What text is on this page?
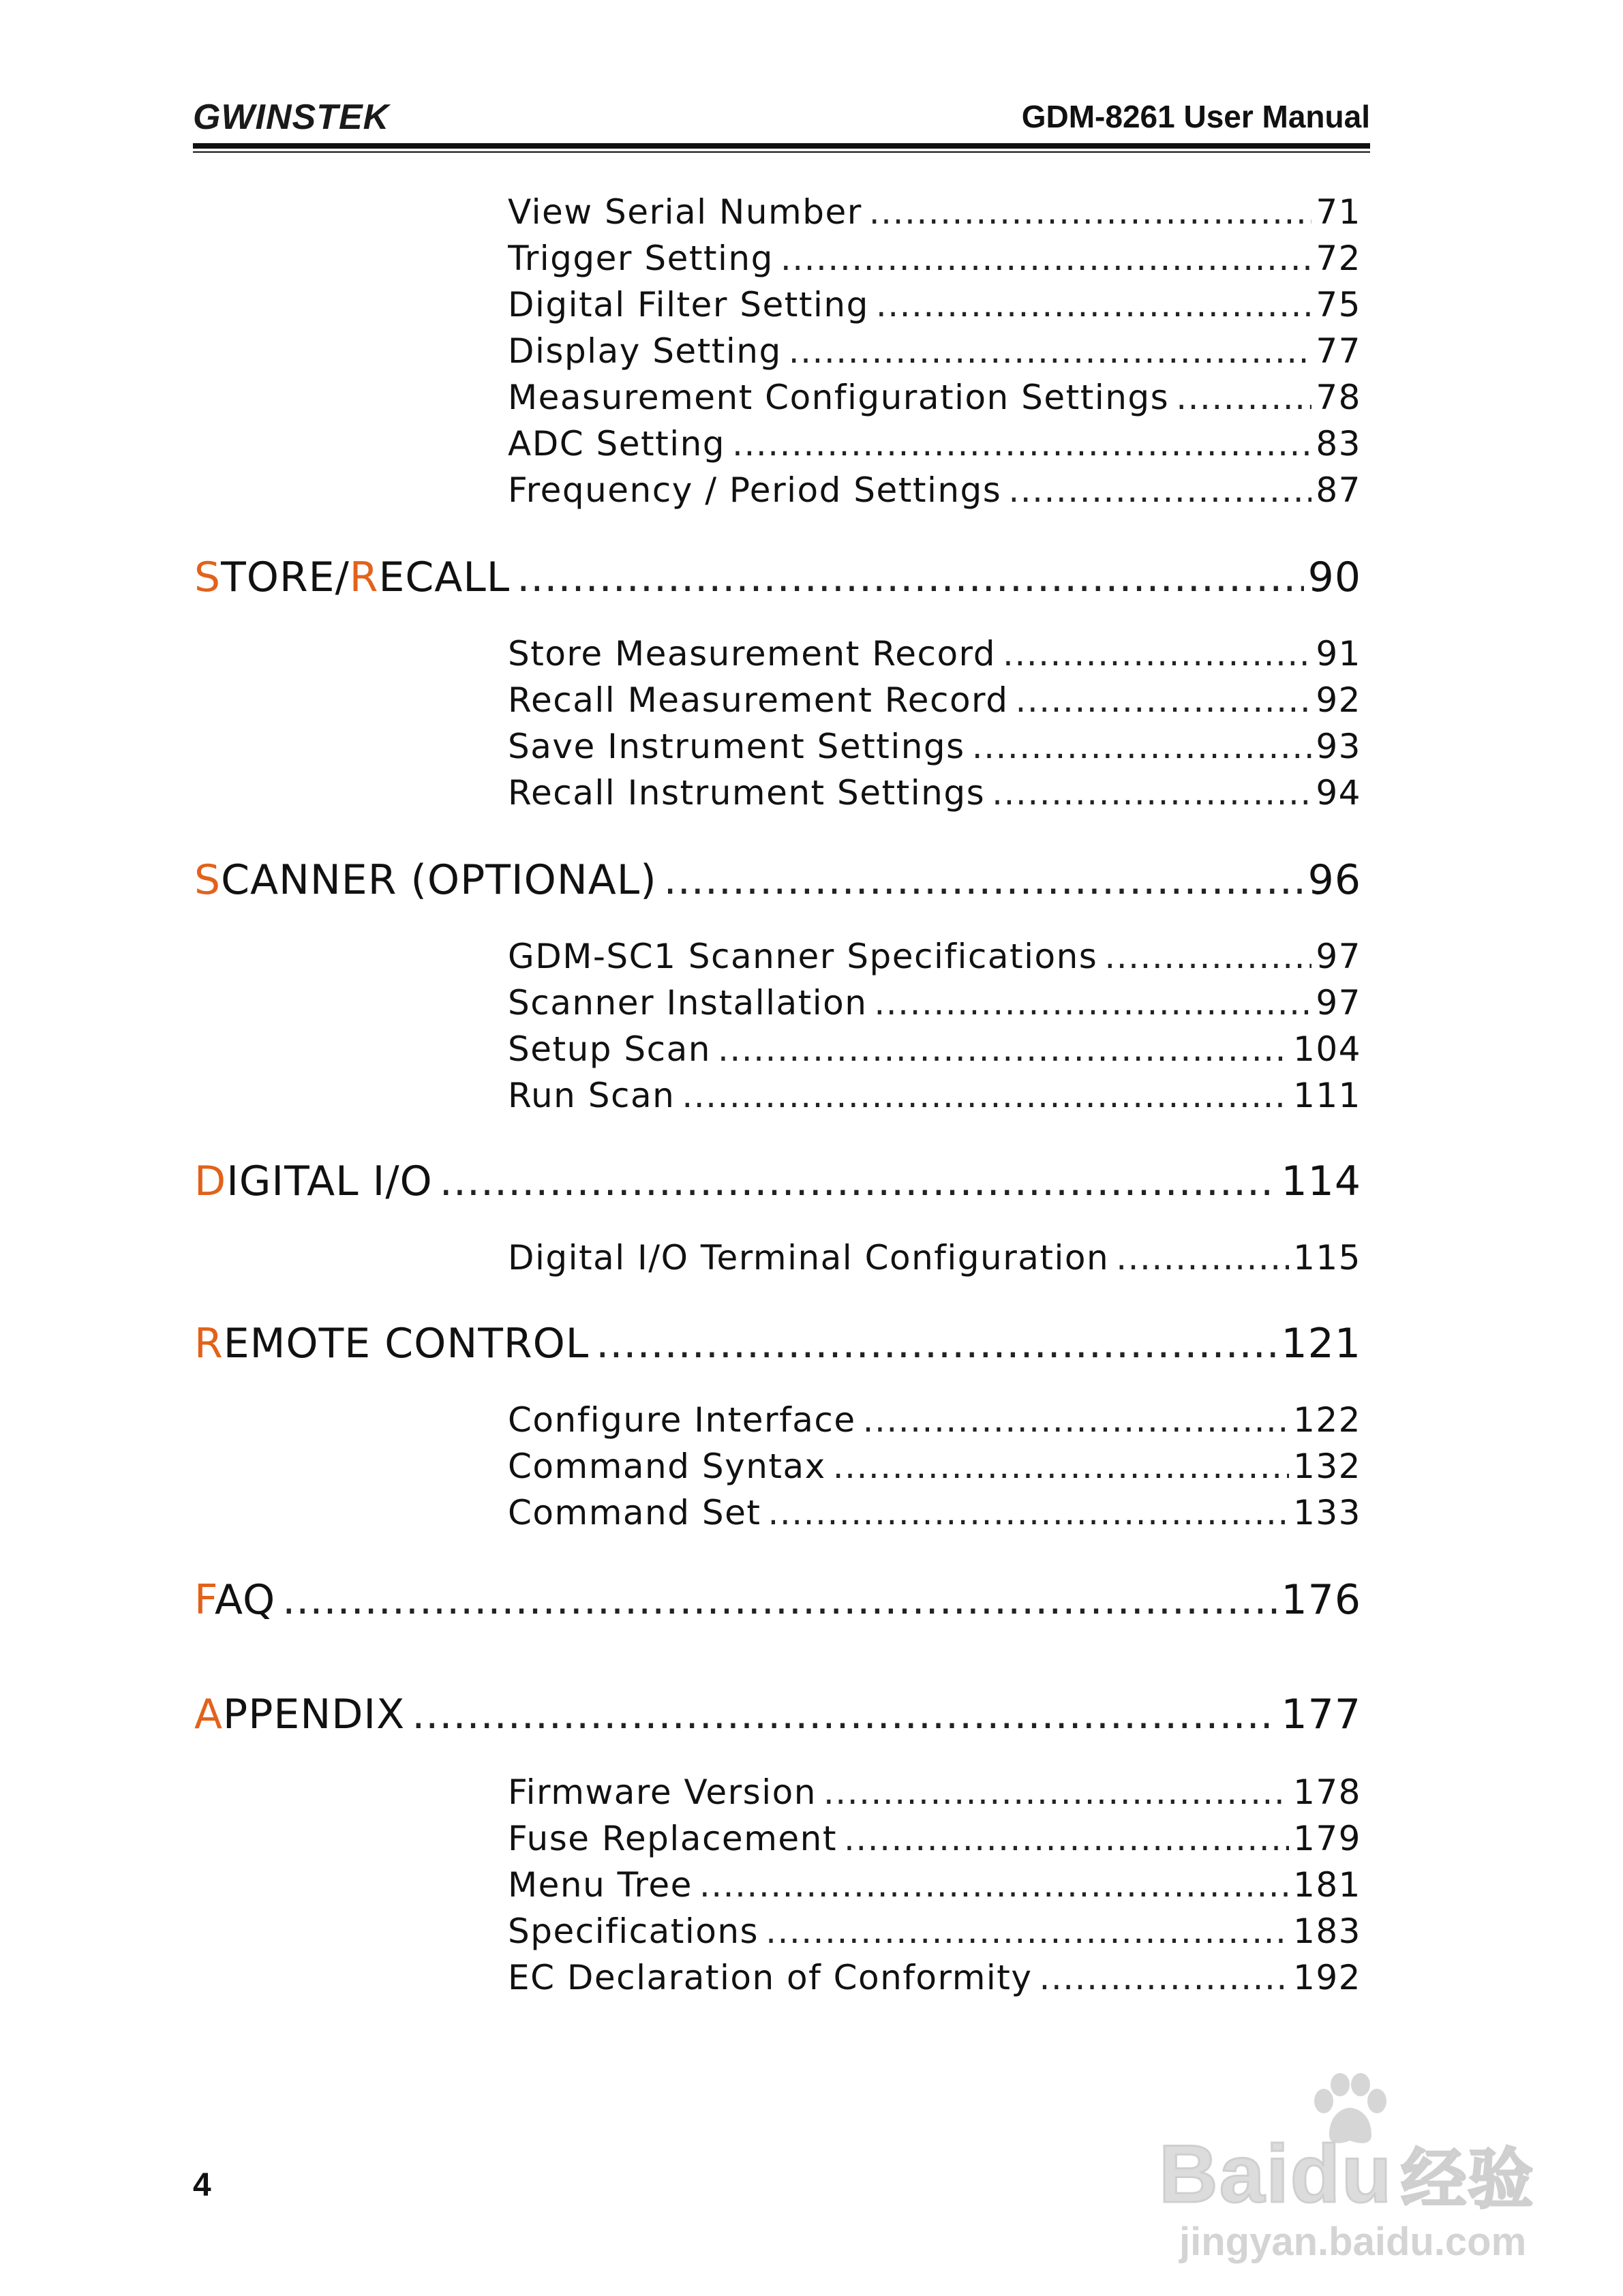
GWINSTEK	GDM-8261 User Manual
View Serial Number .....	71
Trigger Setting .....	72
Digital Filter Setting .....	75
Display Setting .....	77
Measurement Configuration Settings .....	78
ADC Setting .....	83
Frequency / Period Settings .....	87
STORE/RECALL .....	90
Store Measurement Record .....	91
Recall Measurement Record .....	92
Save Instrument Settings .....	93
Recall Instrument Settings .....	94
SCANNER (OPTIONAL) .....	96
GDM-SC1 Scanner Specifications .....	97
Scanner Installation .....	97
Setup Scan .....	104
Run Scan .....	111
DIGITAL I/O .....	114
Digital I/O Terminal Configuration .....	115
REMOTE CONTROL .....	121
Configure Interface .....	122
Command Syntax .....	132
Command Set .....	133
FAQ .....	176
APPENDIX .....	177
Firmware Version .....	178
Fuse Replacement .....	179
Menu Tree .....	181
Specifications .....	183
EC Declaration of Conformity .....	192
4	Baidu 经验
jingyan.baidu.com
